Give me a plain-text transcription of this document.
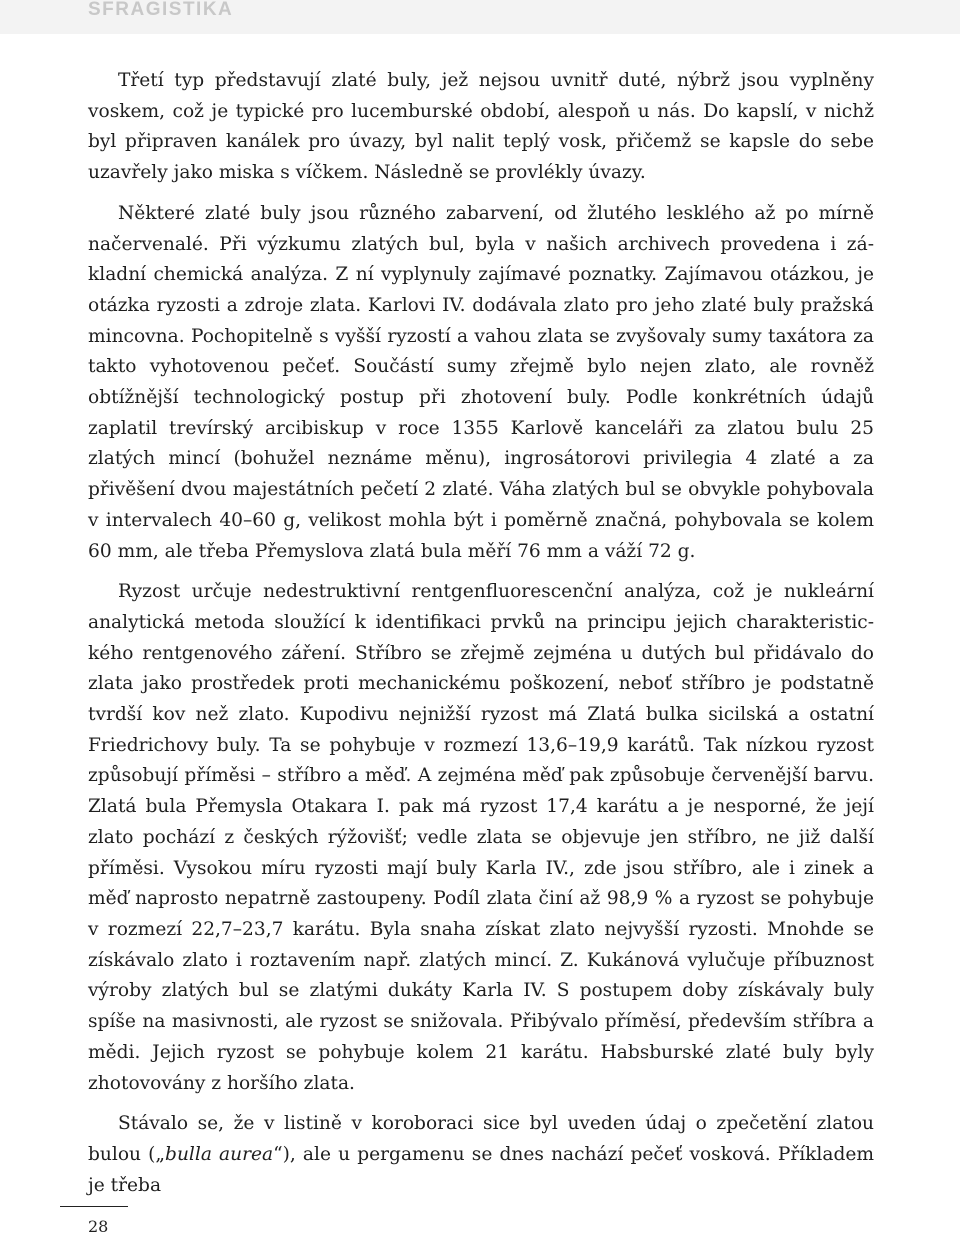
SFRAGISTIKA

Třetí typ představují zlaté buly, jež nejsou uvnitř duté, nýbrž jsou vyplněny voskem, což je typické pro lucemburské období, alespoň u nás. Do kapslí, v nichž byl připraven kanálek pro úvazy, byl nalit teplý vosk, přičemž se kapsle do sebe uzavřely jako miska s víčkem. Následně se provlékly úvazy.

Některé zlaté buly jsou různého zabarvení, od žlutého lesklého až po mírně načervenalé. Při výzkumu zlatých bul, byla v našich archivech provedena i základní chemická analýza. Z ní vyplynuly zajímavé poznatky. Zajímavou otázkou, je otázka ryzosti a zdroje zlata. Karlovi IV. dodávala zlato pro jeho zlaté buly pražská mincovna. Pochopitelně s vyšší ryzostí a vahou zlata se zvyšovaly sumy taxátora za takto vyhotovenou pečeť. Součástí sumy zřejmě bylo nejen zlato, ale rovněž obtížnější technologický postup při zhotovení buly. Podle konkrétních údajů zaplatil trevírský arcibiskup v roce 1355 Karlově kanceláři za zlatou bulu 25 zlatých mincí (bohužel neznáme měnu), ingrosátorovi privilegia 4 zlaté a za přivěšení dvou majestátních pečetí 2 zlaté. Váha zlatých bul se obvykle pohybovala v intervalech 40–60 g, velikost mohla být i poměrně značná, pohybovala se kolem 60 mm, ale třeba Přemyslova zlatá bula měří 76 mm a váží 72 g.

Ryzost určuje nedestruktivní rentgenfluorescenční analýza, což je nukleární analytická metoda sloužící k identifikaci prvků na principu jejich charakteristického rentgenového záření. Stříbro se zřejmě zejména u dutých bul přidávalo do zlata jako prostředek proti mechanickému poškození, neboť stříbro je podstatně tvrdší kov než zlato. Kupodivu nejnižší ryzost má Zlatá bulka sicilská a ostatní Friedrichovy buly. Ta se pohybuje v rozmezí 13,6–19,9 karátů. Tak nízkou ryzost způsobují příměsi – stříbro a měď. A zejména měď pak způsobuje červenější barvu. Zlatá bula Přemysla Otakara I. pak má ryzost 17,4 karátu a je nesporné, že její zlato pochází z českých rýžovišť; vedle zlata se objevuje jen stříbro, ne již další příměsi. Vysokou míru ryzosti mají buly Karla IV., zde jsou stříbro, ale i zinek a měď naprosto nepatrně zastoupeny. Podíl zlata činí až 98,9 % a ryzost se pohybuje v rozmezí 22,7–23,7 karátu. Byla snaha získat zlato nejvyšší ryzosti. Mnohde se získávalo zlato i roztavením např. zlatých mincí. Z. Kukánová vylučuje příbuznost výroby zlatých bul se zlatými dukáty Karla IV. S postupem doby získávaly buly spíše na masivnosti, ale ryzost se snižovala. Přibývalo příměsí, především stříbra a mědi. Jejich ryzost se pohybuje kolem 21 karátu. Habsburské zlaté buly byly zhotovovány z horšího zlata.

Stávalo se, že v listině v koroboraci sice byl uveden údaj o zpečetění zlatou bulou („bulla aurea“), ale u pergamenu se dnes nachází pečeť vosková. Příkladem je třeba

28
